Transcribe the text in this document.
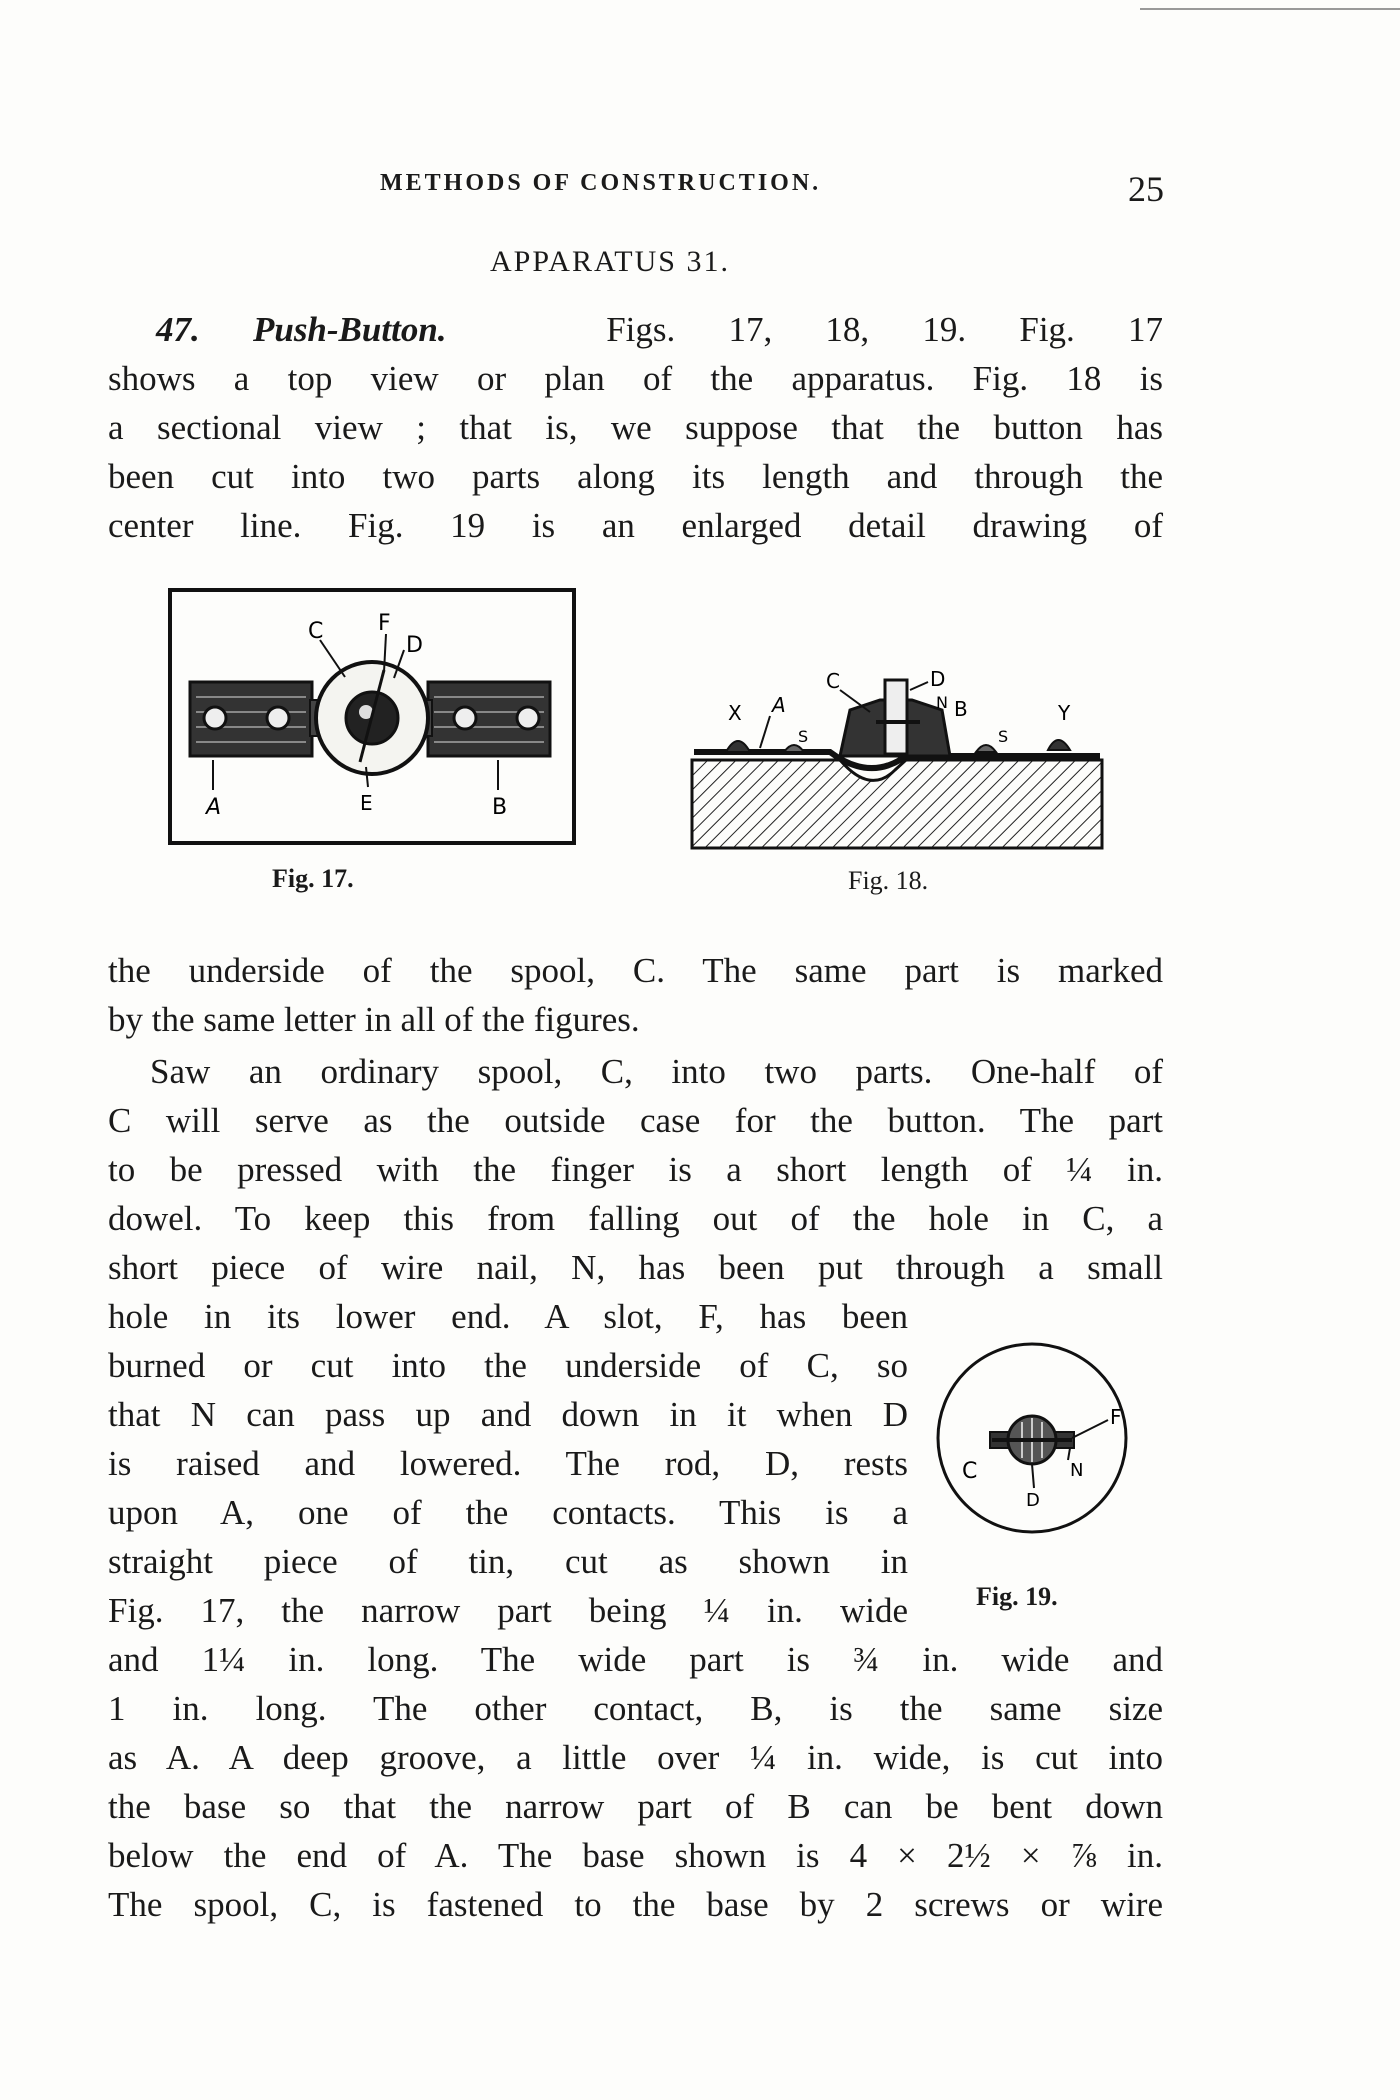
METHODS OF CONSTRUCTION.	25
APPARATUS 31.
47. Push-Button.	Figs. 17, 18, 19. Fig. 17
shows a top view or plan of the apparatus. Fig. 18 is
a sectional view ; that is, we suppose that the button has
been cut into two parts along its length and through the
center line. Fig. 19 is an enlarged detail drawing of
C F
D
A	E	B
Fig. 17.
X A
S
C	D
N B
S
Y
Fig. 18.
the underside of the spool, C. The same part is marked
by the same letter in all of the figures.
Saw an ordinary spool, C, into two parts. One-half of
C will serve as the outside case for the button. The part
to be pressed with the finger is a short length of ¼ in.
dowel. To keep this from falling out of the hole in C, a
short piece of wire nail, N, has been put through a small
hole in its lower end. A slot, F, has been
burned or cut into the underside of C, so
that N can pass up and down in it when D
is raised and lowered. The rod, D, rests
upon A, one of the contacts. This is a
straight piece of tin, cut as shown in
Fig. 17, the narrow part being ¼ in. wide
F
C
D
N
Fig. 19.
and 1¼ in. long. The wide part is ¾ in. wide and
1 in. long. The other contact, B, is the same size
as A. A deep groove, a little over ¼ in. wide, is cut into
the base so that the narrow part of B can be bent down
below the end of A. The base shown is 4 × 2½ × ⅞ in.
The spool, C, is fastened to the base by 2 screws or wire
